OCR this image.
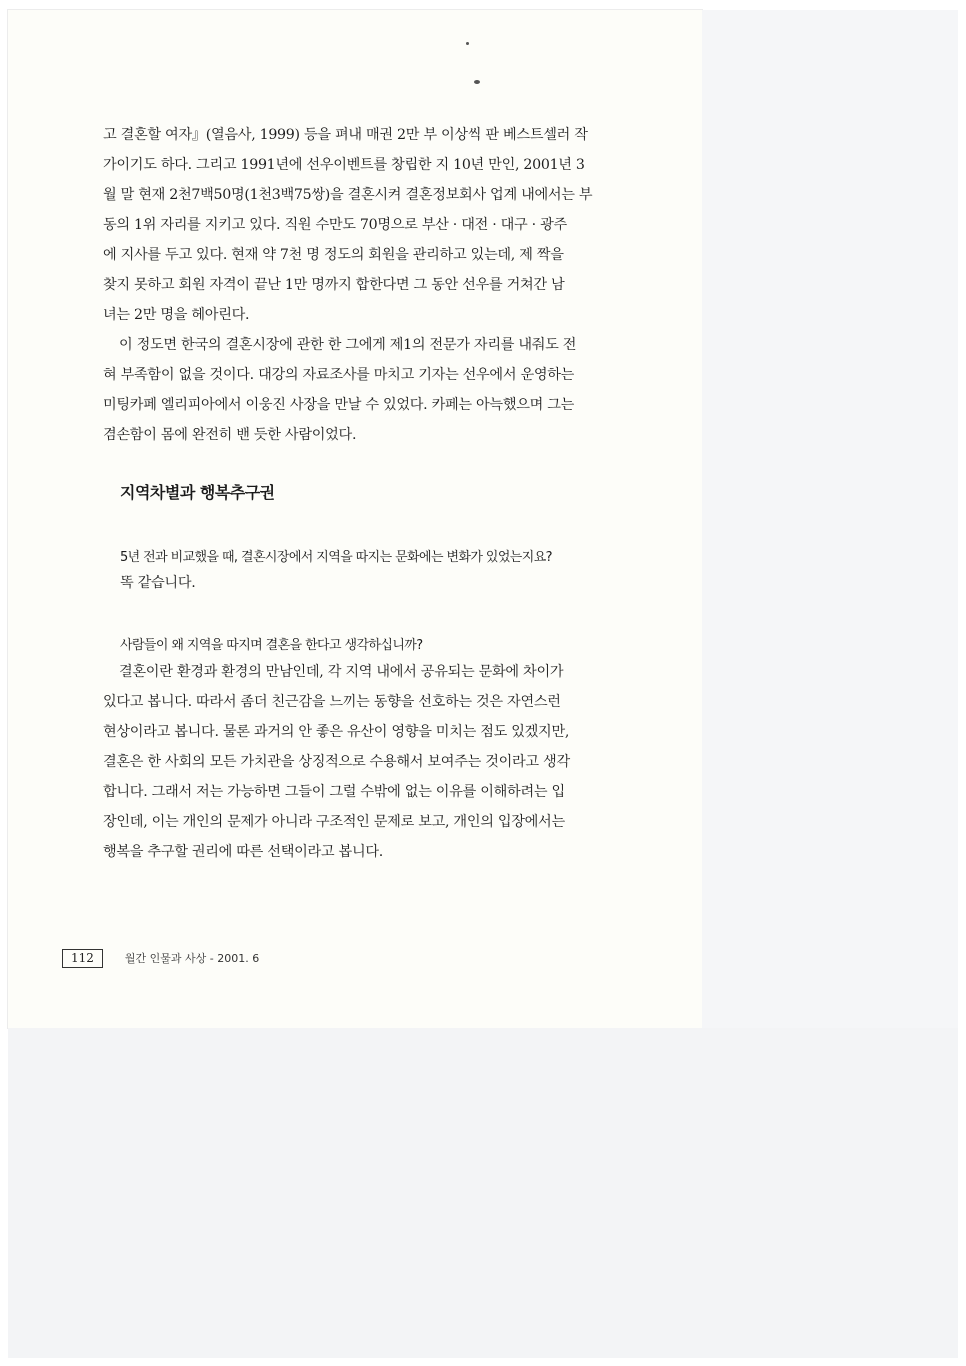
고 결혼할 여자』(열음사, 1999) 등을 펴내 매권 2만 부 이상씩 판 베스트셀러 작
가이기도 하다. 그리고 1991년에 선우이벤트를 창립한 지 10년 만인, 2001년 3
월 말 현재 2천7백50명(1천3백75쌍)을 결혼시켜 결혼정보회사 업계 내에서는 부
동의 1위 자리를 지키고 있다. 직원 수만도 70명으로 부산 · 대전 · 대구 · 광주
에 지사를 두고 있다. 현재 약 7천 명 정도의 회원을 관리하고 있는데, 제 짝을
찾지 못하고 회원 자격이 끝난 1만 명까지 합한다면 그 동안 선우를 거쳐간 남
녀는 2만 명을 헤아린다.
이 정도면 한국의 결혼시장에 관한 한 그에게 제1의 전문가 자리를 내줘도 전
혀 부족함이 없을 것이다. 대강의 자료조사를 마치고 기자는 선우에서 운영하는
미팅카페 엘리피아에서 이웅진 사장을 만날 수 있었다. 카페는 아늑했으며 그는
겸손함이 몸에 완전히 밴 듯한 사람이었다.
지역차별과 행복추구권
5년 전과 비교했을 때, 결혼시장에서 지역을 따지는 문화에는 변화가 있었는지요?
똑 같습니다.
사람들이 왜 지역을 따지며 결혼을 한다고 생각하십니까?
결혼이란 환경과 환경의 만남인데, 각 지역 내에서 공유되는 문화에 차이가
있다고 봅니다. 따라서 좀더 친근감을 느끼는 동향을 선호하는 것은 자연스런
현상이라고 봅니다. 물론 과거의 안 좋은 유산이 영향을 미치는 점도 있겠지만,
결혼은 한 사회의 모든 가치관을 상징적으로 수용해서 보여주는 것이라고 생각
합니다. 그래서 저는 가능하면 그들이 그럴 수밖에 없는 이유를 이해하려는 입
장인데, 이는 개인의 문제가 아니라 구조적인 문제로 보고, 개인의 입장에서는
행복을 추구할 권리에 따른 선택이라고 봅니다.
112	월간 인물과 사상 - 2001. 6
